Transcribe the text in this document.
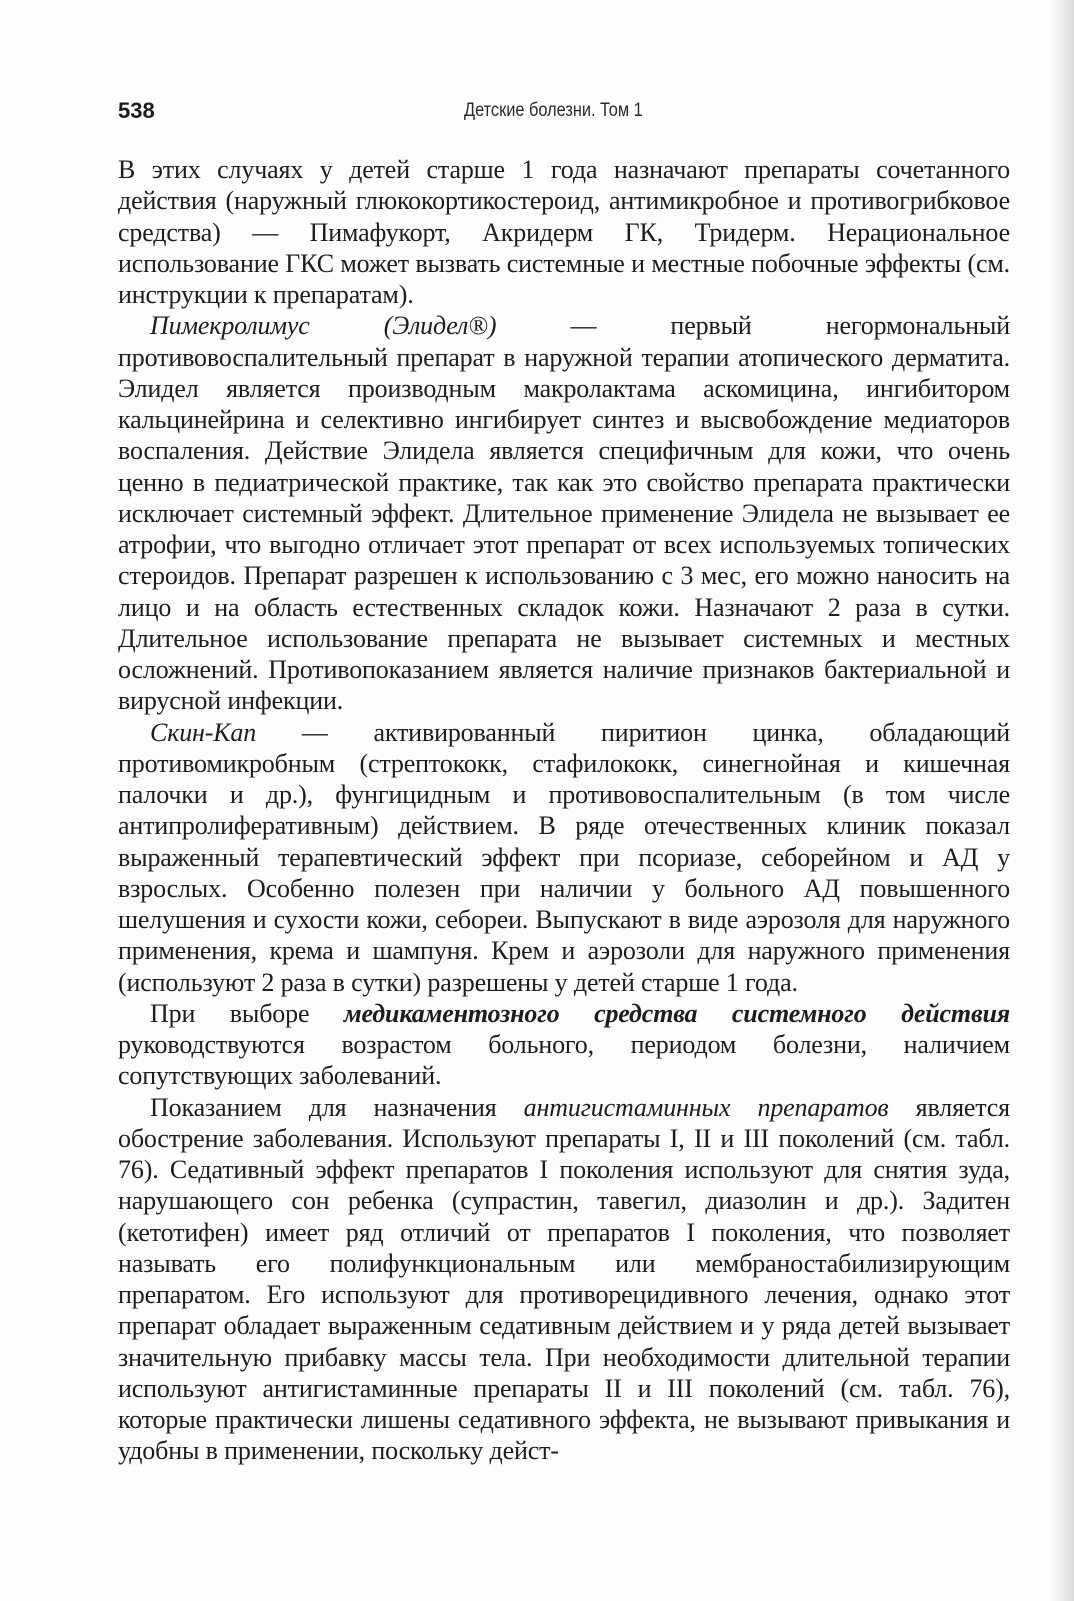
538	Детские болезни. Том 1

В этих случаях у детей старше 1 года назначают препараты сочетанного действия (наружный глюкокортикостероид, антимикробное и противогрибковое средства) — Пимафукорт, Акридерм ГК, Тридерм. Нерациональное использование ГКС может вызвать системные и местные побочные эффекты (см. инструкции к препаратам).

Пимекролимус (Элидел®) — первый негормональный противовоспалительный препарат в наружной терапии атопического дерматита. Элидел является производным макролактама аскомицина, ингибитором кальцинейрина и селективно ингибирует синтез и высвобождение медиаторов воспаления. Действие Элидела является специфичным для кожи, что очень ценно в педиатрической практике, так как это свойство препарата практически исключает системный эффект. Длительное применение Элидела не вызывает ее атрофии, что выгодно отличает этот препарат от всех используемых топических стероидов. Препарат разрешен к использованию с 3 мес, его можно наносить на лицо и на область естественных складок кожи. Назначают 2 раза в сутки. Длительное использование препарата не вызывает системных и местных осложнений. Противопоказанием является наличие признаков бактериальной и вирусной инфекции.

Скин-Кап — активированный пиритион цинка, обладающий противомикробным (стрептококк, стафилококк, синегнойная и кишечная палочки и др.), фунгицидным и противовоспалительным (в том числе антипролиферативным) действием. В ряде отечественных клиник показал выраженный терапевтический эффект при псориазе, себорейном и АД у взрослых. Особенно полезен при наличии у больного АД повышенного шелушения и сухости кожи, себореи. Выпускают в виде аэрозоля для наружного применения, крема и шампуня. Крем и аэрозоли для наружного применения (используют 2 раза в сутки) разрешены у детей старше 1 года.

При выборе медикаментозного средства системного действия руководствуются возрастом больного, периодом болезни, наличием сопутствующих заболеваний.

Показанием для назначения антигистаминных препаратов является обострение заболевания. Используют препараты I, II и III поколений (см. табл. 76). Седативный эффект препаратов I поколения используют для снятия зуда, нарушающего сон ребенка (супрастин, тавегил, диазолин и др.). Задитен (кетотифен) имеет ряд отличий от препаратов I поколения, что позволяет называть его полифункциональным или мембраностабилизирующим препаратом. Его используют для противорецидивного лечения, однако этот препарат обладает выраженным седативным действием и у ряда детей вызывает значительную прибавку массы тела. При необходимости длительной терапии используют антигистаминные препараты II и III поколений (см. табл. 76), которые практически лишены седативного эффекта, не вызывают привыкания и удобны в применении, поскольку дейст-
